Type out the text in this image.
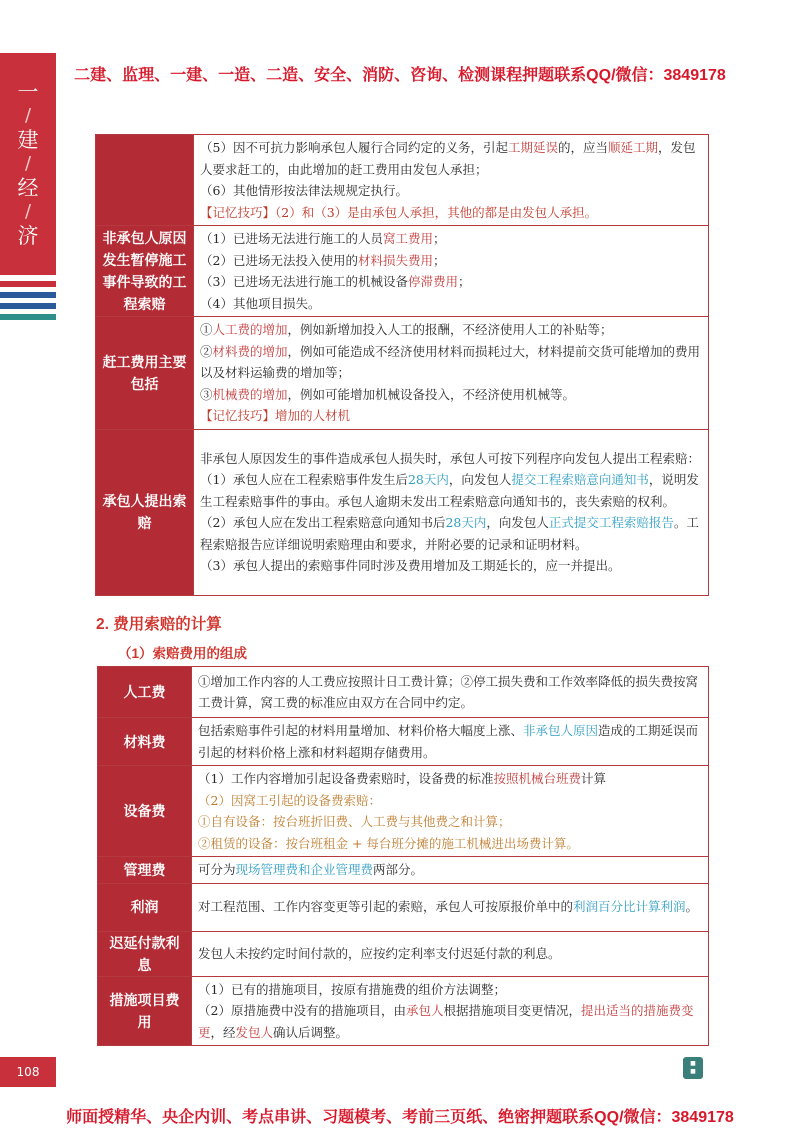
一
/
建
/
经
/
济
二建、监理、一建、一造、二造、安全、消防、咨询、检测课程押题联系QQ/微信：3849178

	（5）因不可抗力影响承包人履行合同约定的义务，引起工期延误的，应当顺延工期，发包人要求赶工的，由此增加的赶工费用由发包人承担；
（6）其他情形按法律法规规定执行。
【记忆技巧】（2）和（3）是由承包人承担，其他的都是由发包人承担。

非承包人原因发生暂停施工事件导致的工程索赔	（1）已进场无法进行施工的人员窝工费用；
（2）已进场无法投入使用的材料损失费用；
（3）已进场无法进行施工的机械设备停滞费用；
（4）其他项目损失。

赶工费用主要包括	①人工费的增加，例如新增加投入人工的报酬，不经济使用人工的补贴等；
②材料费的增加，例如可能造成不经济使用材料而损耗过大，材料提前交货可能增加的费用以及材料运输费的增加等；
③机械费的增加，例如可能增加机械设备投入，不经济使用机械等。
【记忆技巧】增加的人材机

承包人提出索赔	非承包人原因发生的事件造成承包人损失时，承包人可按下列程序向发包人提出工程索赔：
（1）承包人应在工程索赔事件发生后28天内，向发包人提交工程索赔意向通知书，说明发生工程索赔事件的事由。承包人逾期未发出工程索赔意向通知书的，丧失索赔的权利。
（2）承包人应在发出工程索赔意向通知书后28天内，向发包人正式提交工程索赔报告。工程索赔报告应详细说明索赔理由和要求，并附必要的记录和证明材料。
（3）承包人提出的索赔事件同时涉及费用增加及工期延长的，应一并提出。
2. 费用索赔的计算
（1）索赔费用的组成
人工费	①增加工作内容的人工费应按照计日工费计算；②停工损失费和工作效率降低的损失费按窝工费计算，窝工费的标准应由双方在合同中约定。
材料费	包括索赔事件引起的材料用量增加、材料价格大幅度上涨、非承包人原因造成的工期延误而引起的材料价格上涨和材料超期存储费用。
设备费	（1）工作内容增加引起设备费索赔时，设备费的标准按照机械台班费计算
（2）因窝工引起的设备费索赔：
①自有设备：按台班折旧费、人工费与其他费之和计算；
②租赁的设备：按台班租金 + 每台班分摊的施工机械进出场费计算。

管理费	可分为现场管理费和企业管理费两部分。
利润	对工程范围、工作内容变更等引起的索赔，承包人可按原报价单中的利润百分比计算利润。
迟延付款利息	发包人未按约定时间付款的，应按约定利率支付迟延付款的利息。
措施项目费用	（1）已有的措施项目，按原有措施费的组价方法调整；
（2）原措施费中没有的措施项目，由承包人根据措施项目变更情况，提出适当的措施费变更，经发包人确认后调整。
108
■
■
师面授精华、央企内训、考点串讲、习题模考、考前三页纸、绝密押题联系QQ/微信：3849178
